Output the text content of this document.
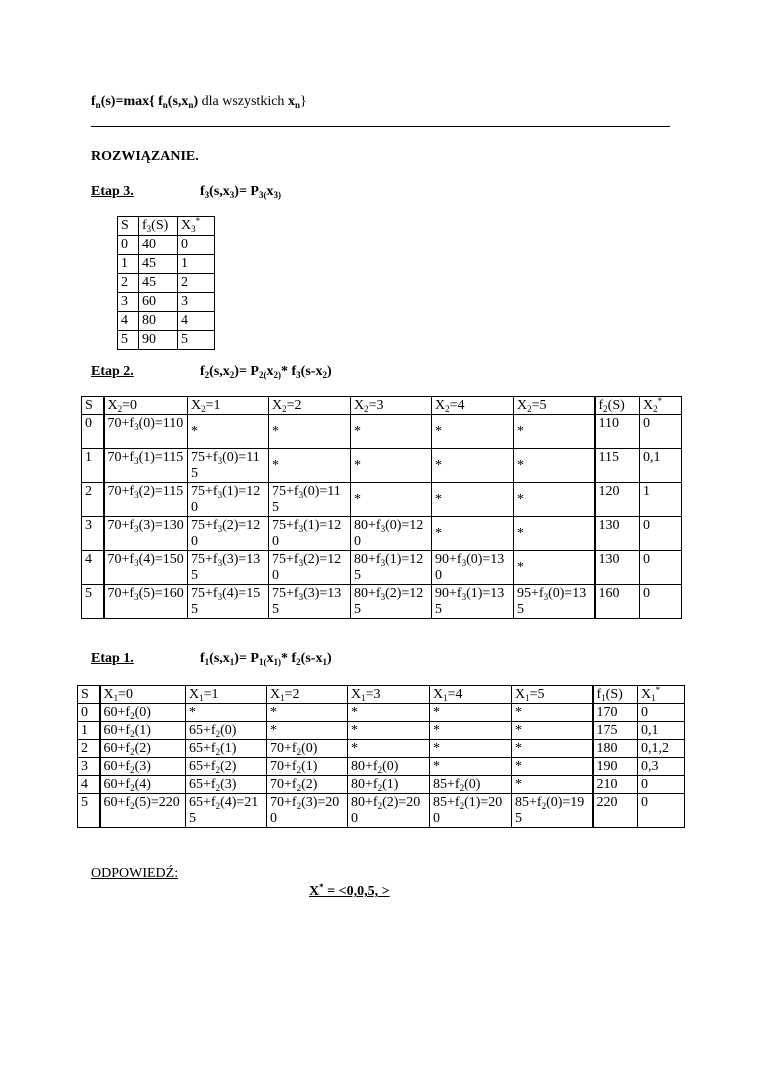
$f_n(s)=\max${ $f_n(s,x_n)$ dla wszystkich $x_n$}
ROZWIĄZANIE.
Etap 3.	$f_3(s,x_3)= P_{3(}x_{3)}$
S	$f_3(S)$	$X_3^*$
0	40	0
1	45	1
2	45	2
3	60	3
4	80	4
5	90	5
Etap 2.	$f_2(s,x_2)= P_{2(}x_{2)}*$ $f_3(s-x_2)$
S	$X_2=0$	$X_2=1$	$X_2=2$	$X_2=3$	$X_2=4$	$X_2=5$	$f_2(S)$	$X_2^*$
0	$70+f_3(0)=110$	*	*	*	*	*	110	0
1	$70+f_3(1)=115$	$75+f_3(0)=115$	*	*	*	*	115	0,1
2	$70+f_3(2)=115$	$75+f_3(1)=120$	$75+f_3(0)=115$	*	*	*	120	1
3	$70+f_3(3)=130$	$75+f_3(2)=120$	$75+f_3(1)=120$	$80+f_3(0)=120$	*	*	130	0
4	$70+f_3(4)=150$	$75+f_3(3)=135$	$75+f_3(2)=120$	$80+f_3(1)=125$	$90+f_3(0)=130$	*	130	0
5	$70+f_3(5)=160$	$75+f_3(4)=155$	$75+f_3(3)=135$	$80+f_3(2)=125$	$90+f_3(1)=135$	$95+f_3(0)=135$	160	0
Etap 1.	$f_1(s,x_1)= P_{1(}x_{1)}*$ $f_2(s-x_1)$
S	$X_1=0$	$X_1=1$	$X_1=2$	$X_1=3$	$X_1=4$	$X_1=5$	$f_1(S)$	$X_1^*$
0	$60+f_2(0)$	*	*	*	*	*	170	0
1	$60+f_2(1)$	$65+f_2(0)$	*	*	*	*	175	0,1
2	$60+f_2(2)$	$65+f_2(1)$	$70+f_2(0)$	*	*	*	180	0,1,2
3	$60+f_2(3)$	$65+f_2(2)$	$70+f_2(1)$	$80+f_2(0)$	*	*	190	0,3
4	$60+f_2(4)$	$65+f_2(3)$	$70+f_2(2)$	$80+f_2(1)$	$85+f_2(0)$	*	210	0
5	$60+f_2(5)=220$	$65+f_2(4)=215$	$70+f_2(3)=200$	$80+f_2(2)=200$	$85+f_2(1)=200$	$85+f_2(0)=195$	220	0
ODPOWIEDŹ:
X* = <0,0,5, >
